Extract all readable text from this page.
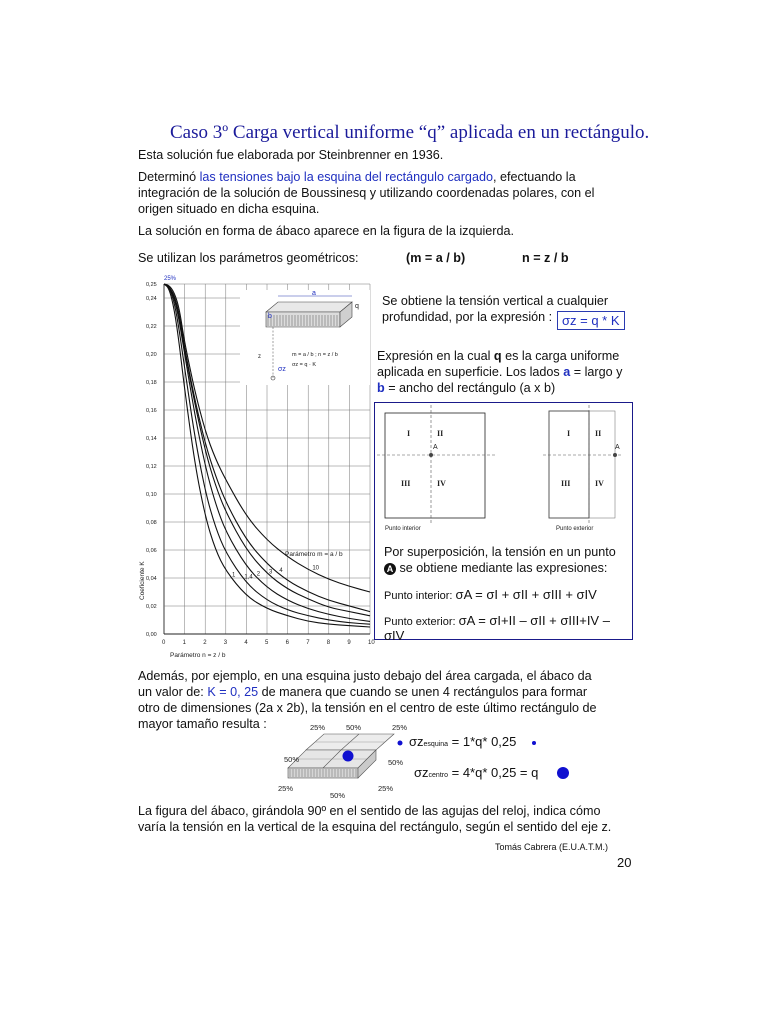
Caso 3º Carga vertical uniforme “q” aplicada en un rectángulo.
Esta solución fue elaborada por Steinbrenner en 1936.
Determinó las tensiones bajo la esquina del rectángulo cargado, efectuando la
integración de la solución de Boussinesq y utilizando coordenadas polares, con el
origen situado en dicha esquina.
La solución en forma de ábaco aparece en la figura de la izquierda.
Se utilizan los parámetros geométricos:	(m = a / b)	n = z / b
0	1	2	3	4	5	6	7	8	9	10
0,00
0,02
0,04
0,06
0,08
0,10
0,12
0,14
0,16
0,18
0,20
0,22
0,24
0,25
1 1,4
2 3 4	10
25%
Parámetro m = a / b
Parámetro n = z / b
Coeficiente K
a
b
q
z
σz
m = a / b ; n = z / b
σz = q · K
Se obtiene la tensión vertical a cualquier
profundidad, por la expresión : σz = q * K
Expresión en la cual q es la carga uniforme
aplicada en superficie. Los lados a = largo y
b = ancho del rectángulo (a x b)
A
I	II
III	IV
Punto interior
A
I	II
III	IV
Punto exterior
Por superposición, la tensión en un punto
A se obtiene mediante las expresiones:
Punto interior: σA = σI + σII + σIII + σIV
Punto exterior: σA = σI+II – σII + σIII+IV – σIV
Además, por ejemplo, en una esquina justo debajo del área cargada, el ábaco da
un valor de: K = 0, 25 de manera que cuando se unen 4 rectángulos para formar
otro de dimensiones (2a x 2b), la tensión en el centro de este último rectángulo de
mayor tamaño resulta :	25%	50%	25%
50%	50%
25%
50%
25%
σzesquina = 1*q* 0,25
σzcentro = 4*q* 0,25 = q
La figura del ábaco, girándola 90º en el sentido de las agujas del reloj, indica cómo
varía la tensión en la vertical de la esquina del rectángulo, según el sentido del eje z.
Tomás Cabrera (E.U.A.T.M.)
20
